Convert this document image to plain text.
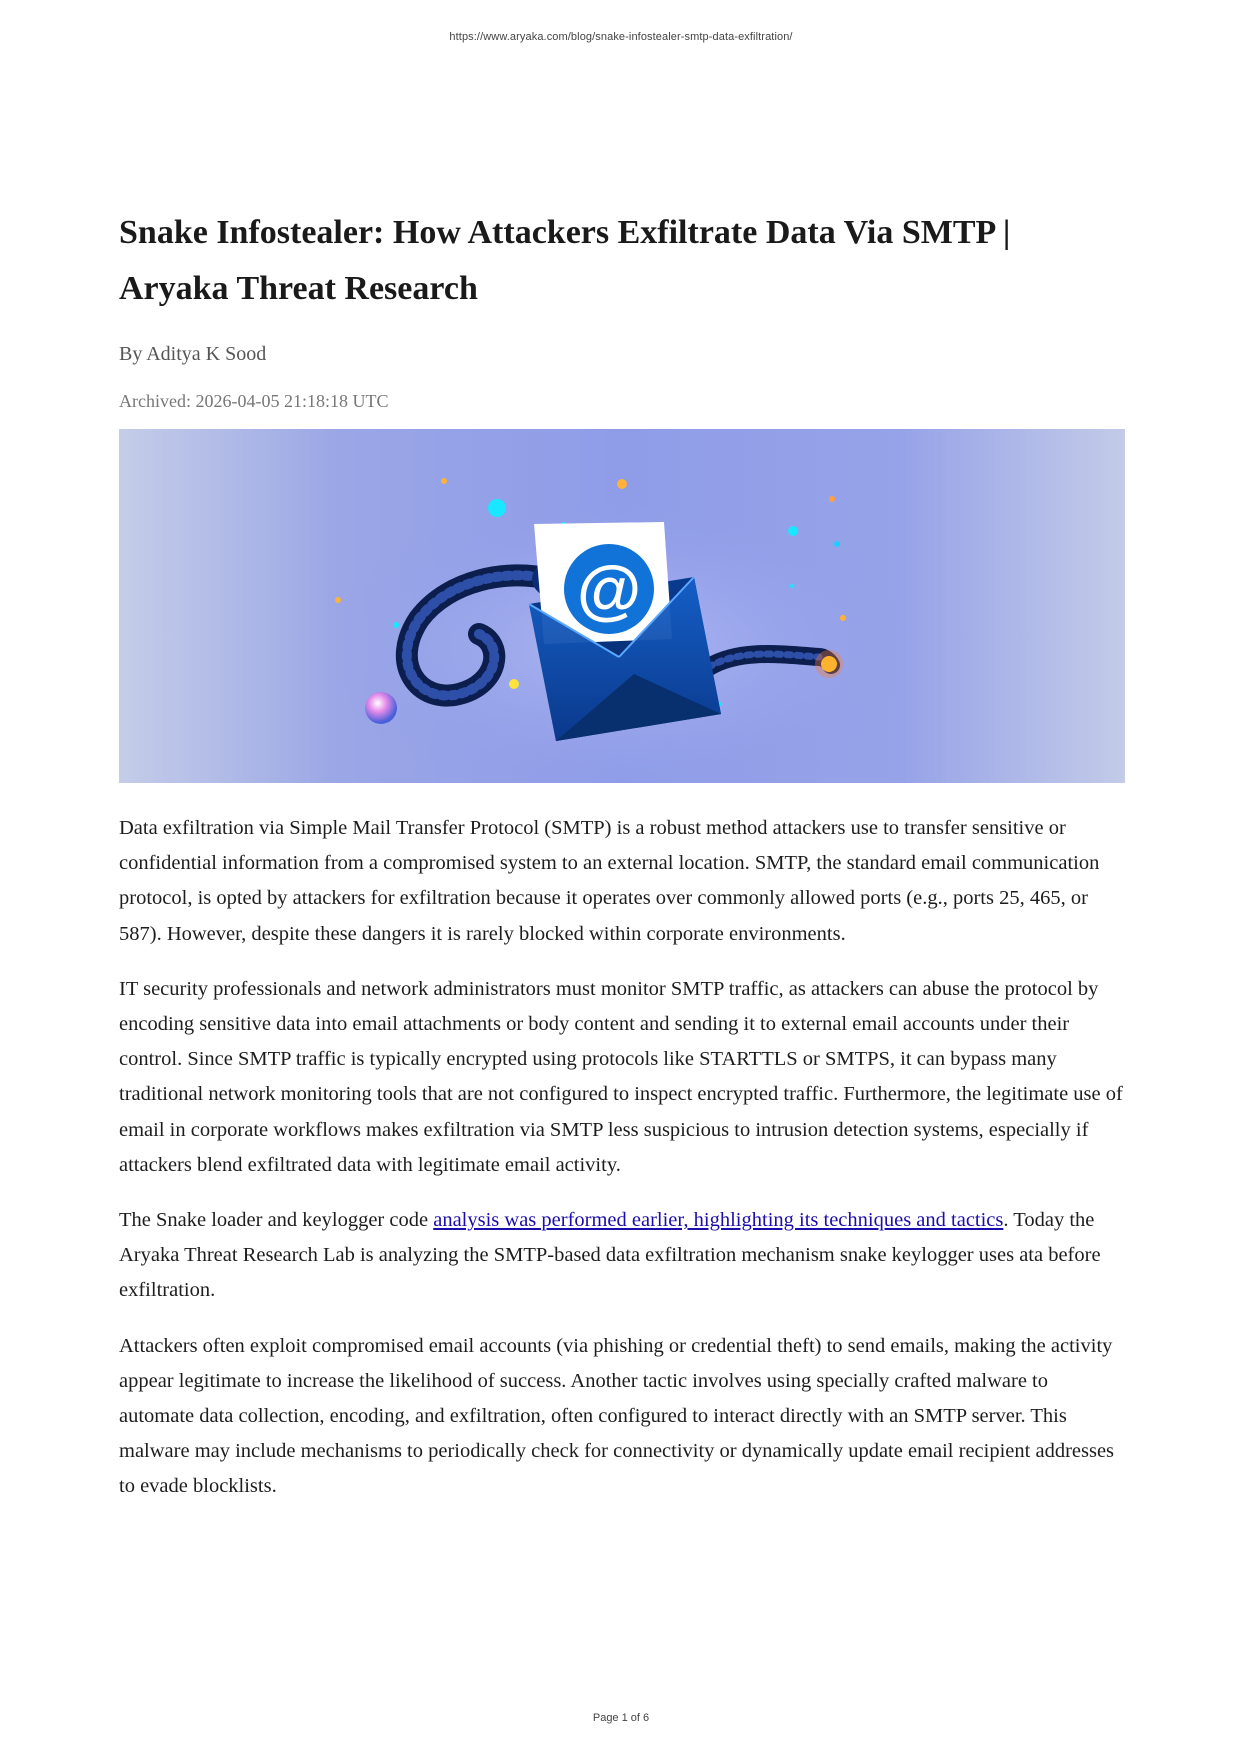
https://www.aryaka.com/blog/snake-infostealer-smtp-data-exfiltration/
Snake Infostealer: How Attackers Exfiltrate Data Via SMTP | Aryaka Threat Research
By Aditya K Sood
Archived: 2026-04-05 21:18:18 UTC
@

Data exfiltration via Simple Mail Transfer Protocol (SMTP) is a robust method attackers use to transfer sensitive or confidential information from a compromised system to an external location. SMTP, the standard email communication protocol, is opted by attackers for exfiltration because it operates over commonly allowed ports (e.g., ports 25, 465, or 587). However, despite these dangers it is rarely blocked within corporate environments.

IT security professionals and network administrators must monitor SMTP traffic, as attackers can abuse the protocol by encoding sensitive data into email attachments or body content and sending it to external email accounts under their control. Since SMTP traffic is typically encrypted using protocols like STARTTLS or SMTPS, it can bypass many traditional network monitoring tools that are not configured to inspect encrypted traffic. Furthermore, the legitimate use of email in corporate workflows makes exfiltration via SMTP less suspicious to intrusion detection systems, especially if attackers blend exfiltrated data with legitimate email activity.

The Snake loader and keylogger code analysis was performed earlier, highlighting its techniques and tactics. Today the Aryaka Threat Research Lab is analyzing the SMTP-based data exfiltration mechanism snake keylogger uses ata before exfiltration.

Attackers often exploit compromised email accounts (via phishing or credential theft) to send emails, making the activity appear legitimate to increase the likelihood of success. Another tactic involves using specially crafted malware to automate data collection, encoding, and exfiltration, often configured to interact directly with an SMTP server. This malware may include mechanisms to periodically check for connectivity or dynamically update email recipient addresses to evade blocklists.

Page 1 of 6
